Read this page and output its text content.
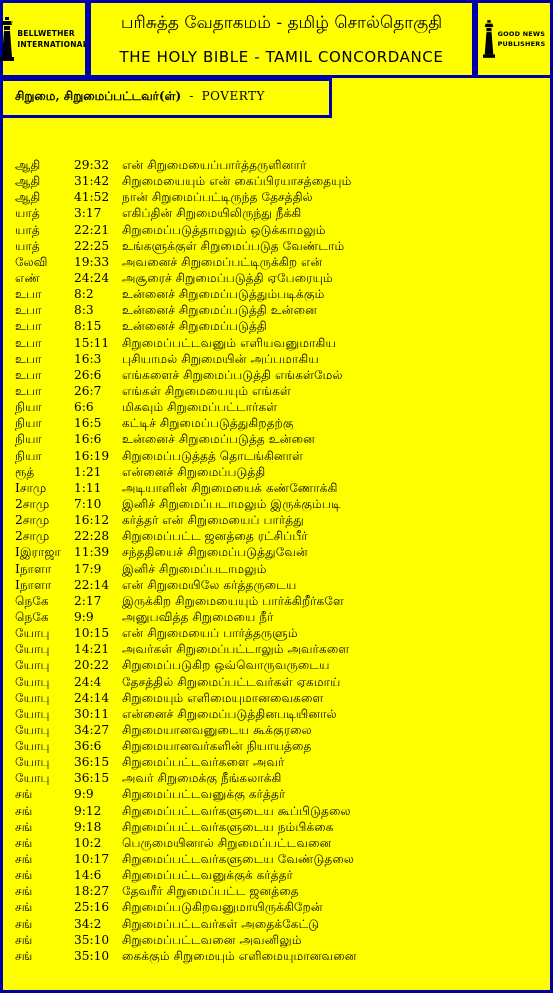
BELLWETHER
INTERNATIONAL
பரிசுத்த வேதாகமம் - தமிழ் சொல்தொகுதி
THE HOLY BIBLE - TAMIL CONCORDANCE
GOOD NEWS
PUBLISHERS
சிறுமை, சிறுமைப்பட்டவர்(ள்) - POVERTY
ஆதி	29:32 என் சிறுமையைப்பார்த்தருளினார்
ஆதி	31:42 சிறுமையையும் என் கைப்பிரயாசத்தையும்
ஆதி	41:52 நான் சிறுமைப்பட்டிருந்த தேசத்தில்
யாத்	3:17 எகிப்தின் சிறுமையிலிருந்து நீக்கி
யாத்	22:21 சிறுமைப்படுத்தாமலும் ஒடுக்காமலும்
யாத்	22:25 உங்களுக்குள் சிறுமைப்படுத வேண்டாம்
லேவி 19:33 அவனைச் சிறுமைப்பட்டிருக்கிற என்
எண்	24:24 அசூரைச் சிறுமைப்படுத்தி ஏபேரையும்
உபா	8:2 உன்னைச் சிறுமைப்படுத்தும்படிக்கும்
உபா	8:3 உன்னைச் சிறுமைப்படுத்தி உன்னை
உபா	8:15 உன்னைச் சிறுமைப்படுத்தி
உபா	15:11 சிறுமைப்பட்டவனும் எளியவனுமாகிய
உபா	16:3 புசியாமல் சிறுமையின் அப்பமாகிய
உபா	26:6 எங்களைச் சிறுமைப்படுத்தி எங்கள்மேல்
உபா	26:7 எங்கள் சிறுமையையும் எங்கள்
நியா	6:6 மிகவும் சிறுமைப்பட்டார்கள்
நியா	16:5 கட்டிச் சிறுமைப்படுத்துகிறதற்கு
நியா	16:6 உன்னைச் சிறுமைப்படுத்த உன்னை
நியா	16:19 சிறுமைப்படுத்தத் தொடங்கினாள்
ரூத்	1:21 என்னைச் சிறுமைப்படுத்தி
Iசாமு 1:11 அடியாளின் சிறுமையைக் கண்ணோக்கி
2சாமு 7:10 இனிச் சிறுமைப்படாமலும் இருக்கும்படி
2சாமு 16:12 கர்த்தர் என் சிறுமையைப் பார்த்து
2சாமு 22:28 சிறுமைப்பட்ட ஜனத்தை ரட்சிப்பீர்
Iஇராஜா 11:39 சந்ததியைச் சிறுமைப்படுத்துவேன்
Iநாளா 17:9 இனிச் சிறுமைப்படாமலும்
Iநாளா 22:14 என் சிறுமையிலே கர்த்தருடைய
நெகே 2:17 இருக்கிற சிறுமையையும் பார்க்கிறீர்களே
நெகே 9:9 அனுபவித்த சிறுமையை நீர்
யோபு 10:15 என் சிறுமையைப் பார்த்தருளும்
யோபு 14:21 அவர்கள் சிறுமைப்பட்டாலும் அவர்களை
யோபு 20:22 சிறுமைப்படுகிற ஒவ்வொருவருடைய
யோபு 24:4 தேசத்தில் சிறுமைப்பட்டவர்கள் ஏகமாய்
யோபு 24:14 சிறுமையும் எளிமையுமானவைகளை
யோபு 30:11 என்னைச் சிறுமைப்படுத்தினபடியினால்
யோபு 34:27 சிறுமையானவனுடைய கூக்குரலை
யோபு 36:6 சிறுமையானவர்களின் நியாயத்தை
யோபு 36:15 சிறுமைப்பட்டவர்களை அவர்
யோபு 36:15 அவர் சிறுமைக்கு நீங்கலாக்கி
சங்	9:9 சிறுமைப்பட்டவனுக்கு கர்த்தர்
சங்	9:12 சிறுமைப்பட்டவர்களுடைய கூப்பிடுதலை
சங்	9:18 சிறுமைப்பட்டவர்களுடைய நம்பிக்கை
சங்	10:2 பெருமையினால் சிறுமைப்பட்டவனை
சங்	10:17 சிறுமைப்பட்டவர்களுடைய வேண்டுதலை
சங்	14:6 சிறுமைப்பட்டவனுக்குக் கர்த்தர்
சங்	18:27 தேவரீர் சிறுமைப்பட்ட ஜனத்தை
சங்	25:16 சிறுமைப்படுகிறவனுமாயிருக்கிறேன்
சங்	34:2 சிறுமைப்பட்டவர்கள் அதைக்கேட்டு
சங்	35:10 சிறுமைப்பட்டவனை அவனிலும்
சங்	35:10 கைக்கும் சிறுமையும் எளிமையுமானவனை
